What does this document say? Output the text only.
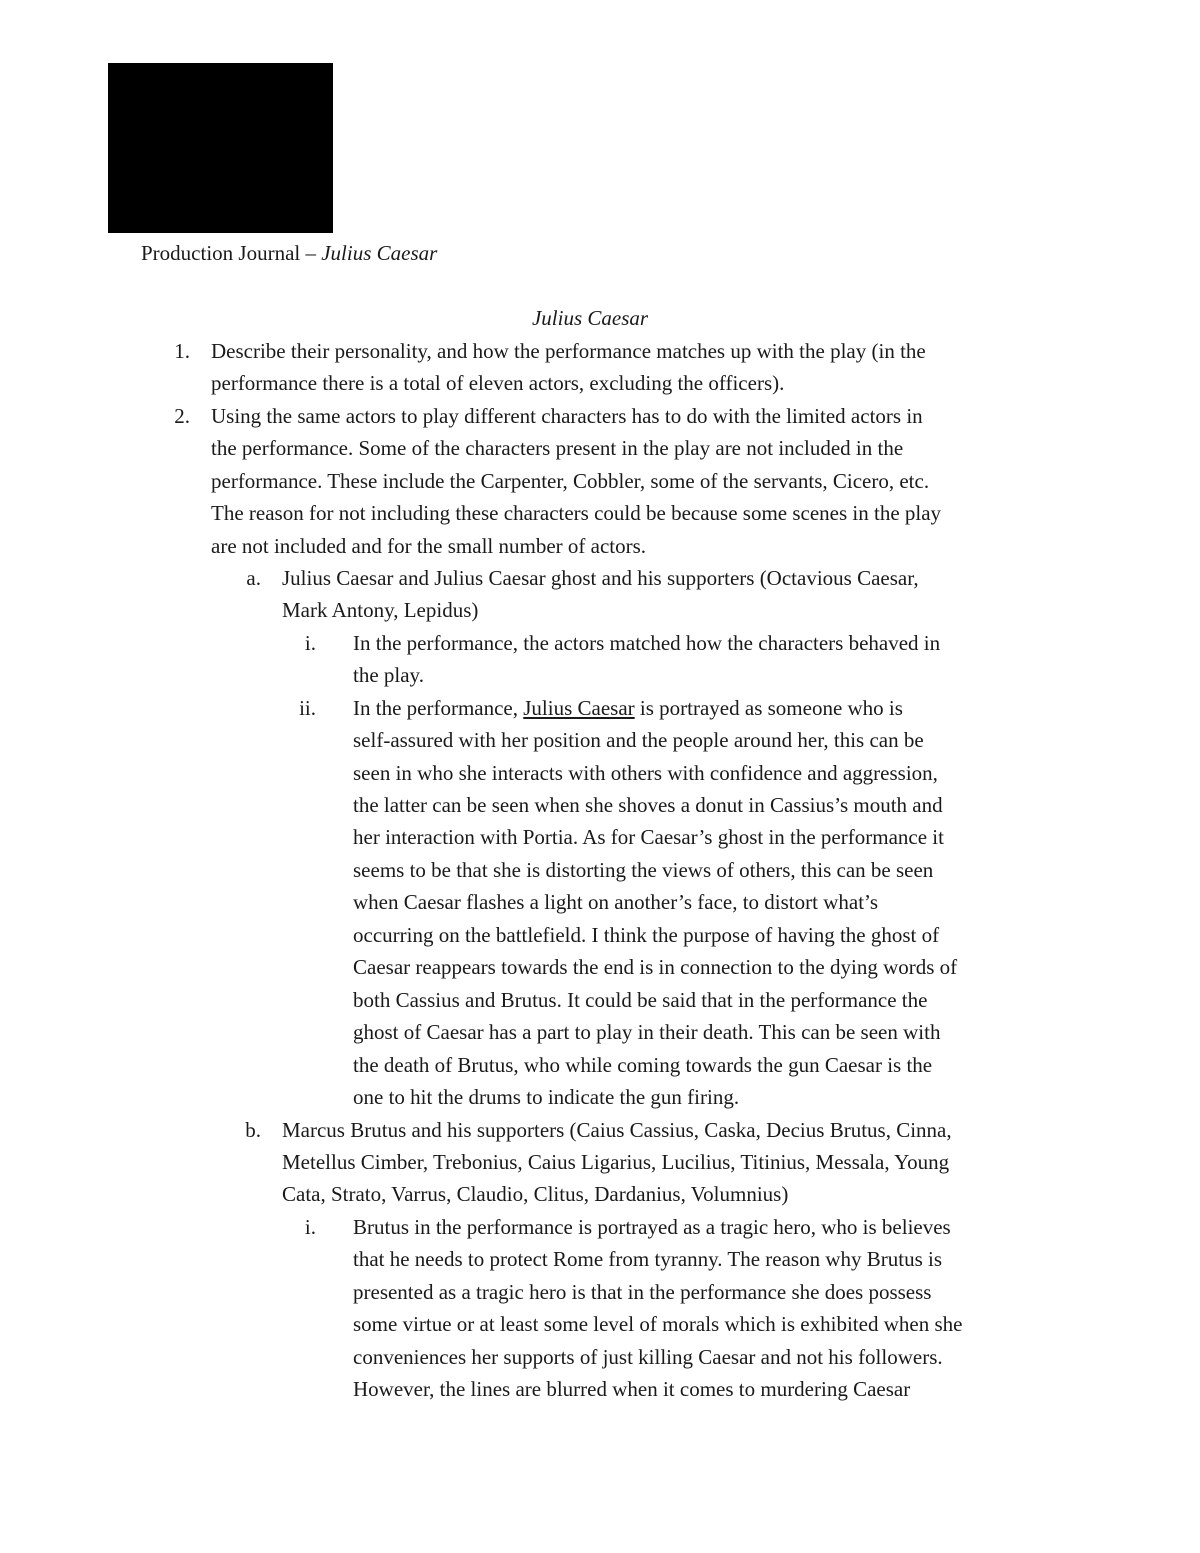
Production Journal – Julius Caesar
Julius Caesar
1. Describe their personality, and how the performance matches up with the play (in the
performance there is a total of eleven actors, excluding the officers).
2. Using the same actors to play different characters has to do with the limited actors in
the performance. Some of the characters present in the play are not included in the
performance. These include the Carpenter, Cobbler, some of the servants, Cicero, etc.
The reason for not including these characters could be because some scenes in the play
are not included and for the small number of actors.
a. Julius Caesar and Julius Caesar ghost and his supporters (Octavious Caesar,
Mark Antony, Lepidus)
i. In the performance, the actors matched how the characters behaved in
the play.
ii. In the performance, Julius Caesar is portrayed as someone who is
self-assured with her position and the people around her, this can be
seen in who she interacts with others with confidence and aggression,
the latter can be seen when she shoves a donut in Cassius’s mouth and
her interaction with Portia. As for Caesar’s ghost in the performance it
seems to be that she is distorting the views of others, this can be seen
when Caesar flashes a light on another’s face, to distort what’s
occurring on the battlefield. I think the purpose of having the ghost of
Caesar reappears towards the end is in connection to the dying words of
both Cassius and Brutus. It could be said that in the performance the
ghost of Caesar has a part to play in their death. This can be seen with
the death of Brutus, who while coming towards the gun Caesar is the
one to hit the drums to indicate the gun firing.
b. Marcus Brutus and his supporters (Caius Cassius, Caska, Decius Brutus, Cinna,
Metellus Cimber, Trebonius, Caius Ligarius, Lucilius, Titinius, Messala, Young
Cata, Strato, Varrus, Claudio, Clitus, Dardanius, Volumnius)
i. Brutus in the performance is portrayed as a tragic hero, who is believes
that he needs to protect Rome from tyranny. The reason why Brutus is
presented as a tragic hero is that in the performance she does possess
some virtue or at least some level of morals which is exhibited when she
conveniences her supports of just killing Caesar and not his followers.
However, the lines are blurred when it comes to murdering Caesar
